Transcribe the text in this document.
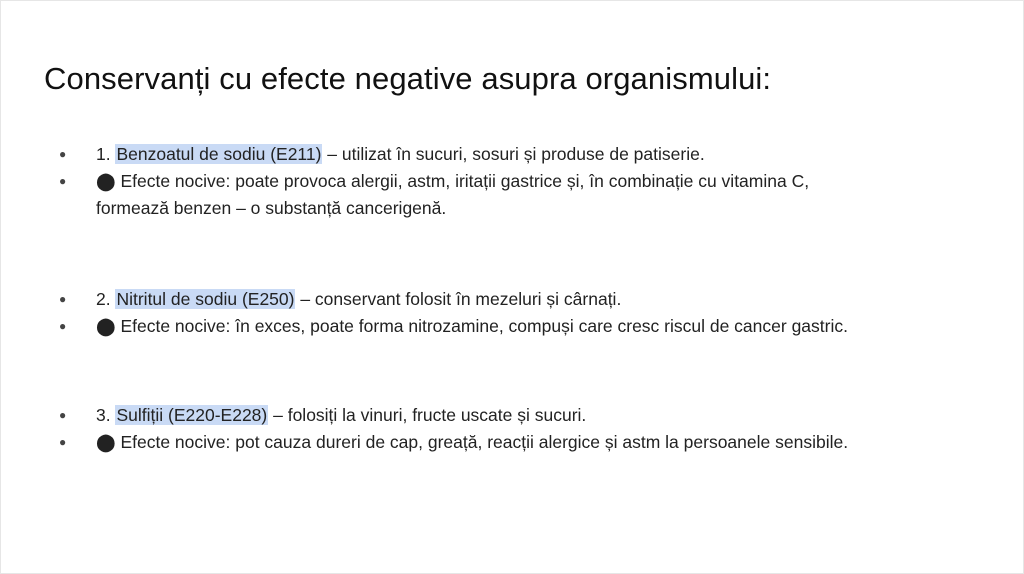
Conservanți cu efecte negative asupra organismului:
● 1. Benzoatul de sodiu (E211) – utilizat în sucuri, sosuri și produse de patiserie.
● ⬤ Efecte nocive: poate provoca alergii, astm, iritații gastrice și, în combinație cu vitamina C,
formează benzen – o substanță cancerigenă.
● 2. Nitritul de sodiu (E250) – conservant folosit în mezeluri și cârnați.
● ⬤ Efecte nocive: în exces, poate forma nitrozamine, compuși care cresc riscul de cancer gastric.
● 3. Sulfiții (E220-E228) – folosiți la vinuri, fructe uscate și sucuri.
● ⬤ Efecte nocive: pot cauza dureri de cap, greață, reacții alergice și astm la persoanele sensibile.
